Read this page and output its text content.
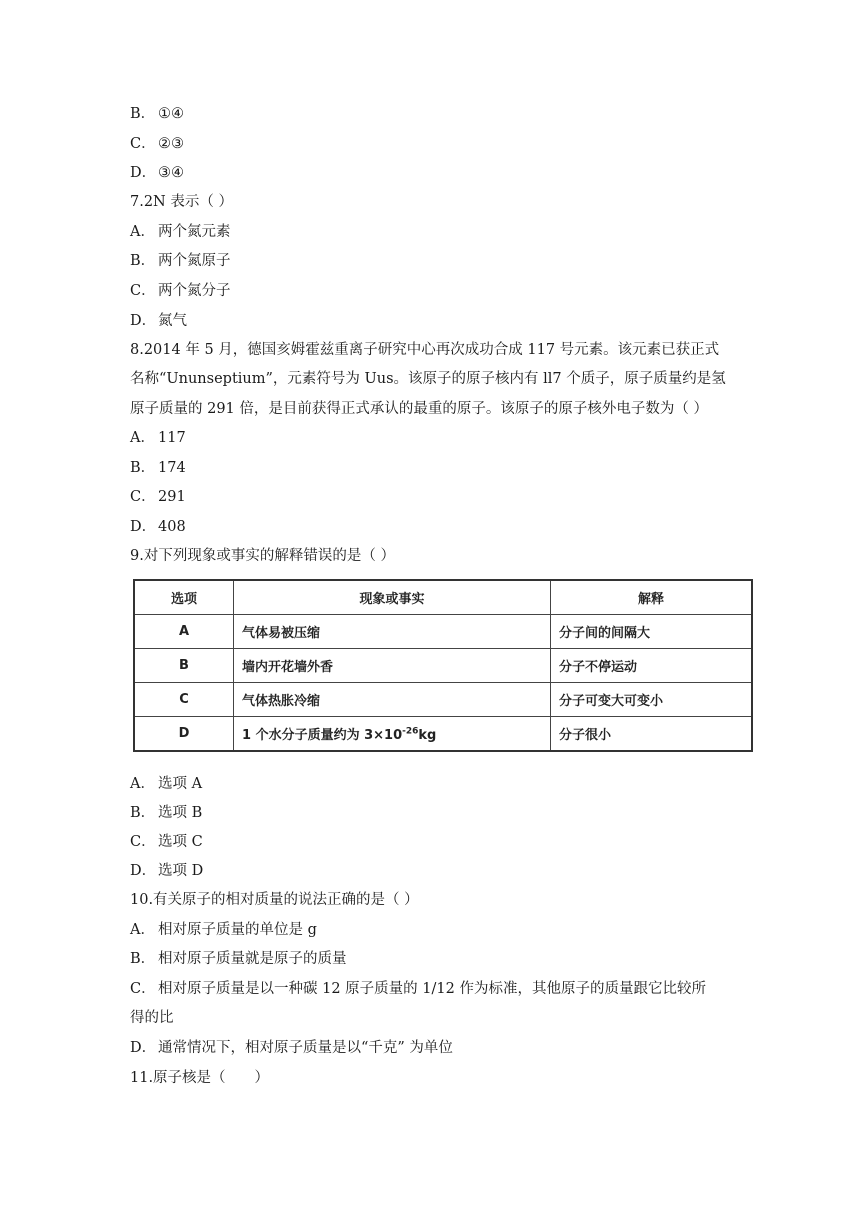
B． ①④
C． ②③
D． ③④
7.2N 表示（ ）
A． 两个氮元素
B． 两个氮原子
C． 两个氮分子
D． 氮气
8.2014 年 5 月，德国亥姆霍兹重离子研究中心再次成功合成 117 号元素。该元素已获正式
名称“Ununseptium”，元素符号为 Uus。该原子的原子核内有 ll7 个质子，原子质量约是氢
原子质量的 291 倍，是目前获得正式承认的最重的原子。该原子的原子核外电子数为（ ）
A． 117
B． 174
C． 291
D． 408
9.对下列现象或事实的解释错误的是（ ）
选项	现象或事实	解释
A	气体易被压缩	分子间的间隔大
B	墙内开花墙外香	分子不停运动
C	气体热胀冷缩	分子可变大可变小
D	1 个水分子质量约为 $3\times 10^{-26}kg$	分子很小
A． 选项 A
B． 选项 B
C． 选项 C
D． 选项 D
10.有关原子的相对质量的说法正确的是（ ）
A． 相对原子质量的单位是 g
B． 相对原子质量就是原子的质量
C． 相对原子质量是以一种碳 12 原子质量的 1/12 作为标准，其他原子的质量跟它比较所
得的比
D． 通常情况下，相对原子质量是以“千克” 为单位
11.原子核是（　　）
